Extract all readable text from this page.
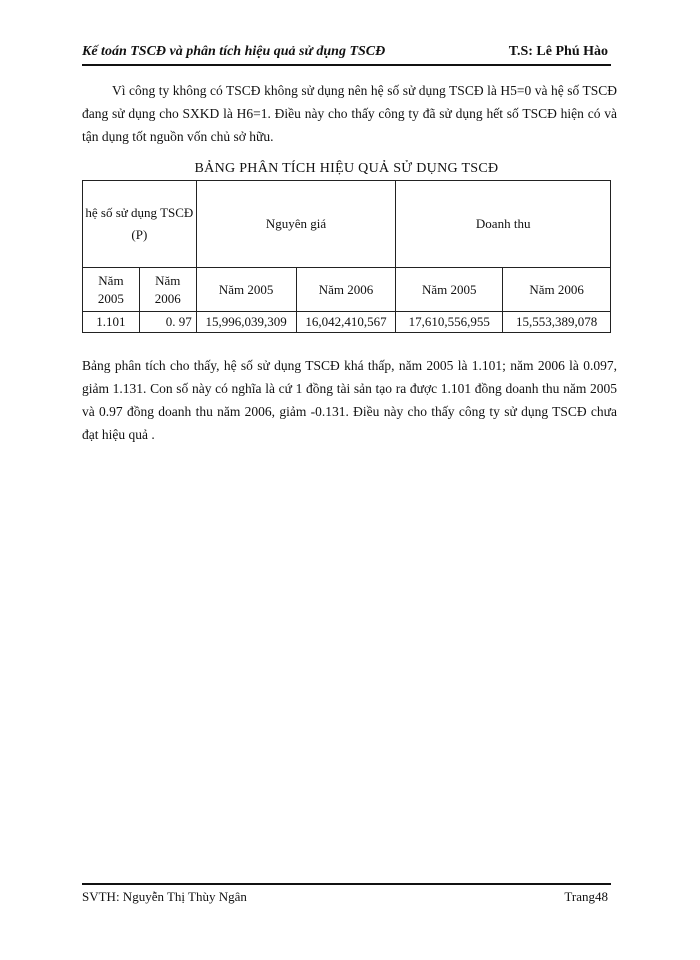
Kế toán TSCĐ và phân tích hiệu quả sử dụng TSCĐ	T.S: Lê Phú Hào

Vì công ty không có TSCĐ không sử dụng nên hệ số sử dụng TSCĐ là H5=0 và hệ số TSCĐ đang sử dụng cho SXKD là H6=1. Điều này cho thấy công ty đã sử dụng hết số TSCĐ hiện có và tận dụng tốt nguồn vốn chủ sở hữu.

BẢNG PHÂN TÍCH HIỆU QUẢ SỬ DỤNG TSCĐ
hệ số sử dụng TSCĐ (P)		Nguyên giá		Doanh thu	
Năm 2005	Năm 2006	Năm 2005	Năm 2006	Năm 2005	Năm 2006
1.101	0. 97	15,996,039,309	16,042,410,567	17,610,556,955	15,553,389,078

Bảng phân tích cho thấy, hệ số sử dụng TSCĐ khá thấp, năm 2005 là 1.101; năm 2006 là 0.097, giảm 1.131. Con số này có nghĩa là cứ 1 đồng tài sản tạo ra được 1.101 đồng doanh thu năm 2005 và 0.97 đồng doanh thu năm 2006, giảm -0.131. Điều này cho thấy công ty sử dụng TSCĐ chưa đạt hiệu quả .

SVTH: Nguyễn Thị Thùy Ngân	Trang48
